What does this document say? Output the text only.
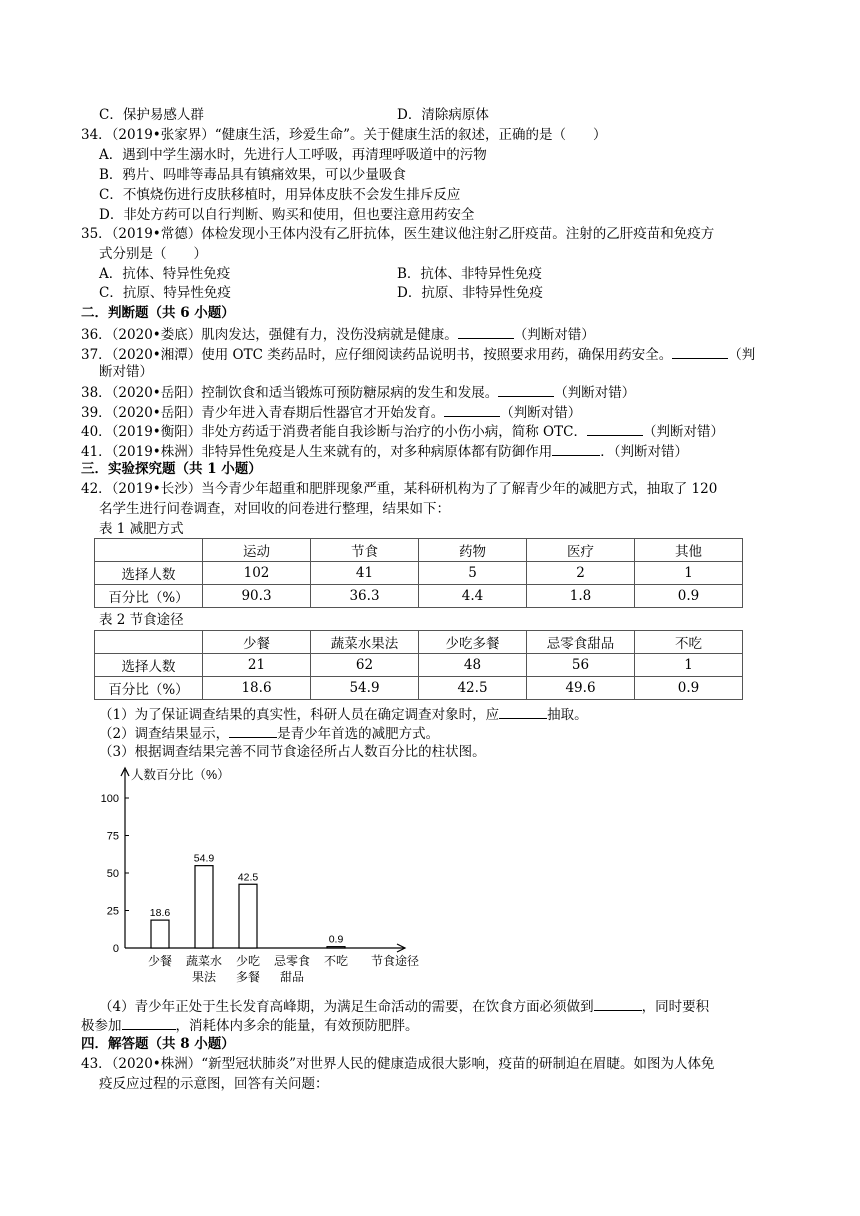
C．保护易感人群	D．清除病原体
34．（2019•张家界）“健康生活，珍爱生命”。关于健康生活的叙述，正确的是（　　）
A．遇到中学生溺水时，先进行人工呼吸，再清理呼吸道中的污物
B．鸦片、吗啡等毒品具有镇痛效果，可以少量吸食
C．不慎烧伤进行皮肤移植时，用异体皮肤不会发生排斥反应
D．非处方药可以自行判断、购买和使用，但也要注意用药安全
35．（2019•常德）体检发现小王体内没有乙肝抗体，医生建议他注射乙肝疫苗。注射的乙肝疫苗和免疫方
式分别是（　　）
A．抗体、特异性免疫	B．抗体、非特异性免疫
C．抗原、特异性免疫	D．抗原、非特异性免疫
二．判断题（共 6 小题）
36．（2020•娄底）肌肉发达，强健有力，没伤没病就是健康。	（判断对错）
37．（2020•湘潭）使用 OTC 类药品时，应仔细阅读药品说明书，按照要求用药，确保用药安全。	（判
断对错）
38．（2020•岳阳）控制饮食和适当锻炼可预防糖尿病的发生和发展。	（判断对错）
39．（2020•岳阳）青少年进入青春期后性器官才开始发育。	（判断对错）
40．（2019•衡阳）非处方药适于消费者能自我诊断与治疗的小伤小病，简称 OTC．	（判断对错）
41．（2019•株洲）非特异性免疫是人生来就有的，对多种病原体都有防御作用	．（判断对错）
三．实验探究题（共 1 小题）
42．（2019•长沙）当今青少年超重和肥胖现象严重，某科研机构为了了解青少年的减肥方式，抽取了 120
名学生进行问卷调查，对回收的问卷进行整理，结果如下：
表 1 减肥方式
	运动	节食	药物	医疗	其他
选择人数	102	41	5	2	1
百分比（%）	90.3	36.3	4.4	1.8	0.9
表 2 节食途径
	少餐	蔬菜水果法	少吃多餐	忌零食甜品	不吃
选择人数	21	62	48	56	1
百分比（%）	18.6	54.9	42.5	49.6	0.9
（1）为了保证调查结果的真实性，科研人员在确定调查对象时，应	抽取。
（2）调查结果显示，	是青少年首选的减肥方式。
（3）根据调查结果完善不同节食途径所占人数百分比的柱状图。
0
25
50
75
100
人数百分比（%）
18.6
少餐
54.9
蔬菜水
果法
42.5
少吃
多餐
忌零食
甜品
0.9
不吃 节食途径
（4）青少年正处于生长发育高峰期，为满足生命活动的需要，在饮食方面必须做到	，同时要积
极参加	，消耗体内多余的能量，有效预防肥胖。
四．解答题（共 8 小题）
43．（2020•株洲）“新型冠状肺炎”对世界人民的健康造成很大影响，疫苗的研制迫在眉睫。如图为人体免
疫反应过程的示意图，回答有关问题：
